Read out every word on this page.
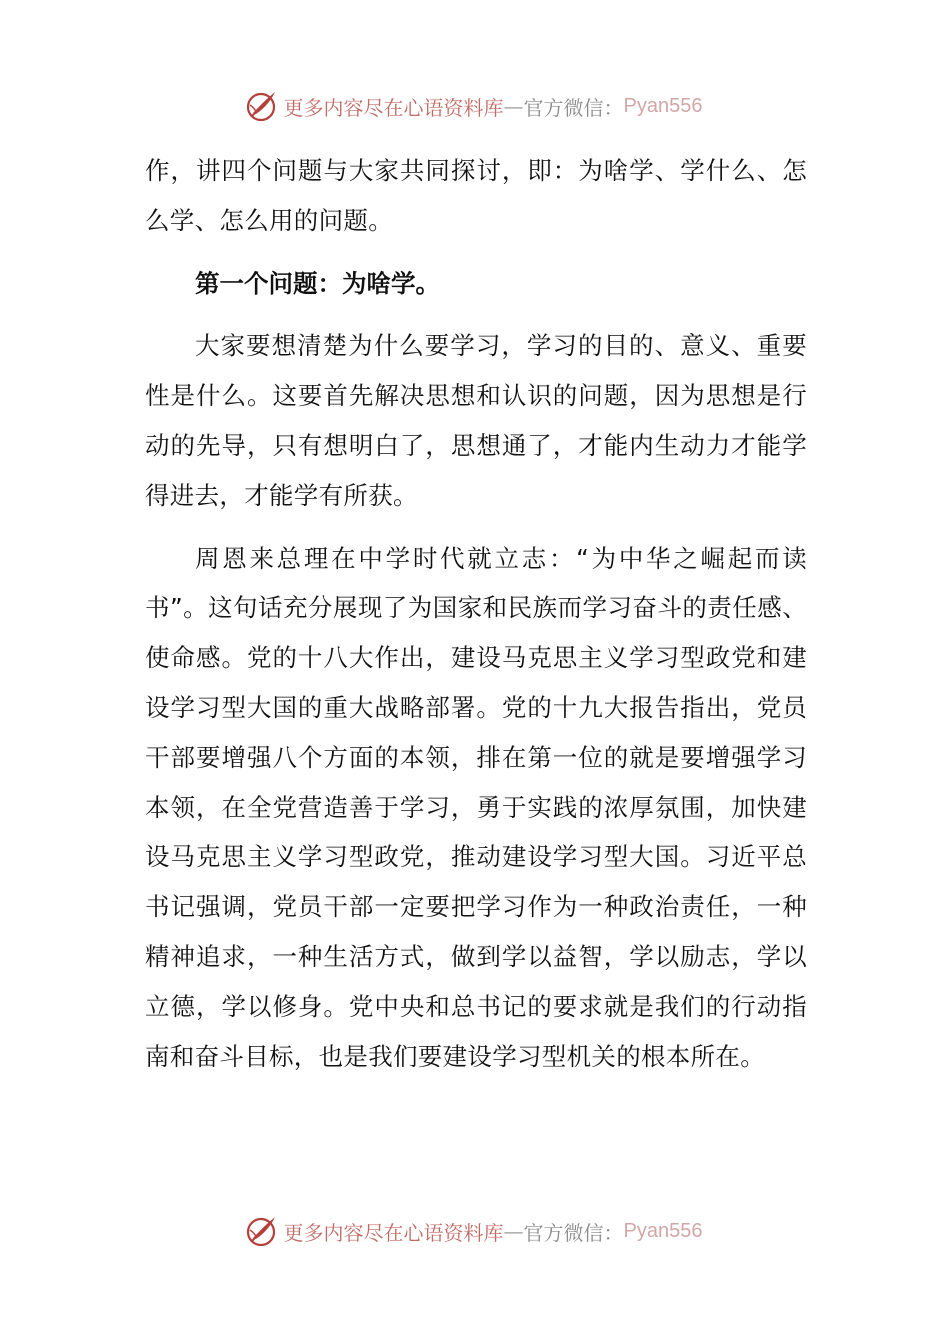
更多内容尽在心语资料库 — 官方微信： Pyan556

作，讲四个问题与大家共同探讨，即：为啥学、学什么、怎么学、怎么用的问题。

第一个问题：为啥学。

大家要想清楚为什么要学习，学习的目的、意义、重要性是什么。这要首先解决思想和认识的问题，因为思想是行动的先导，只有想明白了，思想通了，才能内生动力才能学得进去，才能学有所获。

周恩来总理在中学时代就立志：“为中华之崛起而读书”。这句话充分展现了为国家和民族而学习奋斗的责任感、使命感。党的十八大作出，建设马克思主义学习型政党和建设学习型大国的重大战略部署。党的十九大报告指出，党员干部要增强八个方面的本领，排在第一位的就是要增强学习本领，在全党营造善于学习，勇于实践的浓厚氛围，加快建设马克思主义学习型政党，推动建设学习型大国。习近平总书记强调，党员干部一定要把学习作为一种政治责任，一种精神追求，一种生活方式，做到学以益智，学以励志，学以立德，学以修身。党中央和总书记的要求就是我们的行动指南和奋斗目标，也是我们要建设学习型机关的根本所在。

更多内容尽在心语资料库 — 官方微信： Pyan556
